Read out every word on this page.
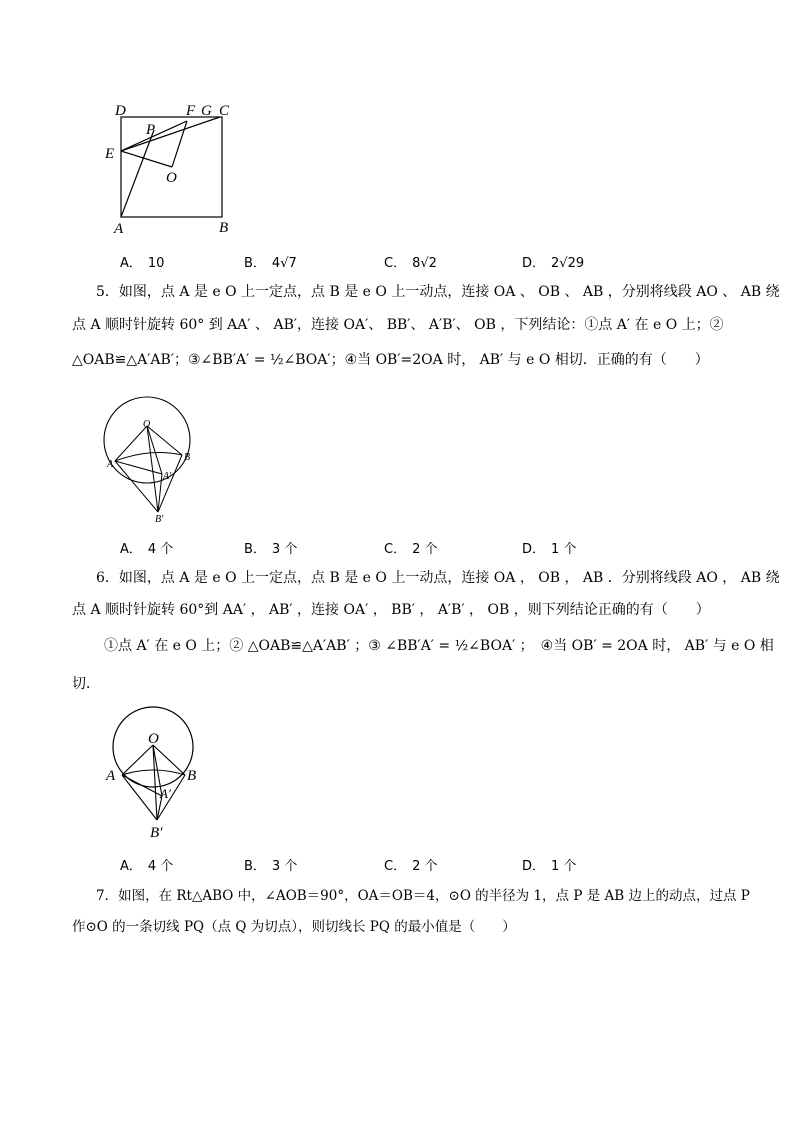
D	F G C
P
E
O
A	B
A． 10	B． 4√7	C． 8√2	D． 2√29
5．如图，点 A 是 e O 上一定点，点 B 是 e O 上一动点，连接 OA 、 OB 、 AB ，分别将线段 AO 、 AB 绕
点 A 顺时针旋转 60° 到 AA′ 、 AB′，连接 OA′、 BB′、 A′B′、 OB ，下列结论：①点 A′ 在 e O 上；②
△OAB≌△A′AB′；③∠BB′A′ = ½∠BOA′；④当 OB′=2OA 时， AB′ 与 e O 相切．正确的有（　　）
O
A
B
A′
B′
A． 4 个	B． 3 个	C． 2 个	D． 1 个
6．如图，点 A 是 e O 上一定点，点 B 是 e O 上一动点，连接 OA ， OB ， AB ．分别将线段 AO ， AB 绕
点 A 顺时针旋转 60°到 AA′ ， AB′ ，连接 OA′ ， BB′ ， A′B′ ， OB ，则下列结论正确的有（　　）
①点 A′ 在 e O 上；② △OAB≌△A′AB′ ；③ ∠BB′A′ = ½∠BOA′ ；　④当 OB′ = 2OA 时， AB′ 与 e O 相
切．
O
A	B
A′
B′
A． 4 个	B． 3 个	C． 2 个	D． 1 个
7．如图，在 Rt△ABO 中，∠AOB＝90°，OA＝OB＝4，⊙O 的半径为 1，点 P 是 AB 边上的动点，过点 P
作⊙O 的一条切线 PQ（点 Q 为切点），则切线长 PQ 的最小值是（　　）
